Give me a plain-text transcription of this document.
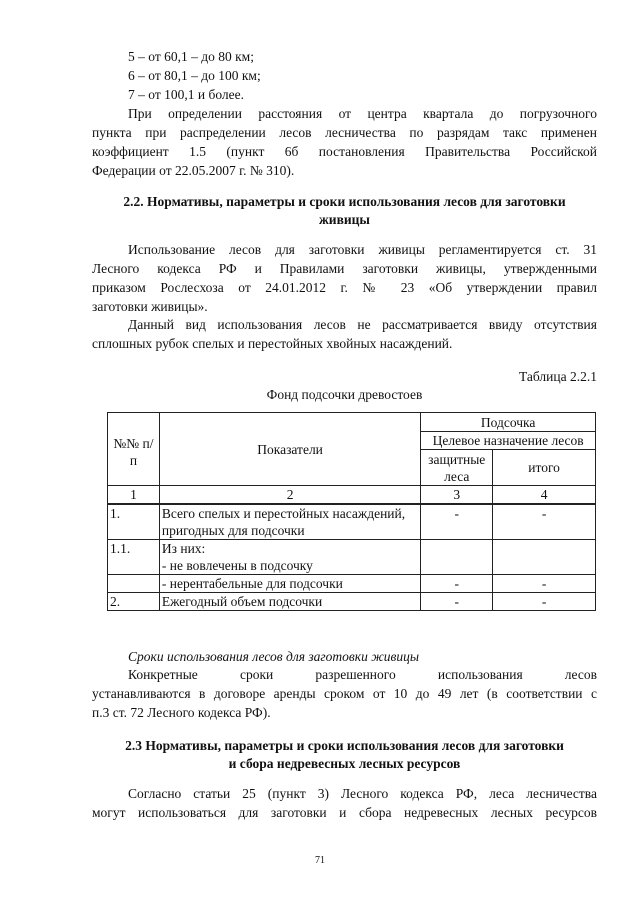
5 – от 60,1 – до 80 км;

6 – от 80,1 – до 100 км;

7 – от 100,1 и более.

При определении расстояния от центра квартала до погрузочного

пункта при распределении лесов лесничества по разрядам такс применен

коэффициент 1.5 (пункт 6б постановления Правительства Российской

Федерации от 22.05.2007 г. № 310).

2.2. Нормативы, параметры и сроки использования лесов для заготовки

живицы

Использование лесов для заготовки живицы регламентируется ст. 31

Лесного кодекса РФ и Правилами заготовки живицы, утвержденными

приказом Рослесхоза от 24.01.2012 г. № 23 «Об утверждении правил

заготовки живицы».

Данный вид использования лесов не рассматривается ввиду отсутствия

сплошных рубок спелых и перестойных хвойных насаждений.

Таблица 2.2.1

Фонд подсочки древостоев

№№ п/п	Показатели	Подсочка	
		Целевое назначение лесов	
		защитные леса	итого
1	2	3	4
1.	Всего спелых и перестойных насаждений, пригодных для подсочки	-	-
1.1.	Из них:		
	- не вовлечены в подсочку		
	- нерентабельные для подсочки	-	-
2.	Ежегодный объем подсочки	-	-

Сроки использования лесов для заготовки живицы

Конкретные сроки разрешенного использования лесов

устанавливаются в договоре аренды сроком от 10 до 49 лет (в соответствии с

п.3 ст. 72 Лесного кодекса РФ).

2.3 Нормативы, параметры и сроки использования лесов для заготовки

и сбора недревесных лесных ресурсов

Согласно статьи 25 (пункт 3) Лесного кодекса РФ, леса лесничества

могут использоваться для заготовки и сбора недревесных лесных ресурсов

71
